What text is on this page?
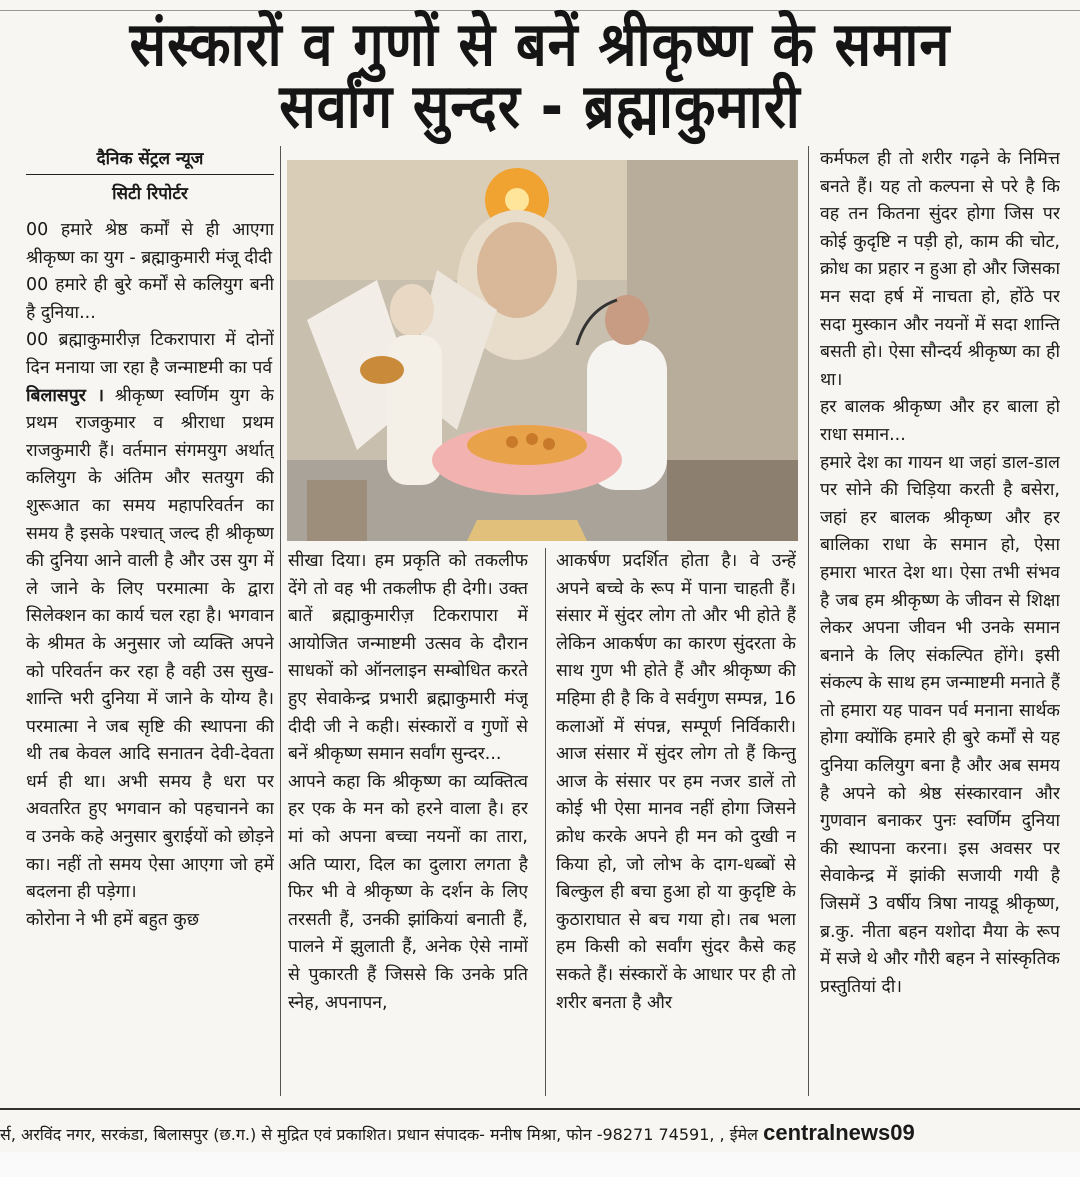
संस्कारों व गुणों से बनें श्रीकृष्ण के समान
सर्वांग सुन्दर - ब्रह्माकुमारी
दैनिक सेंट्रल न्यूज
सिटी रिपोर्टर

00 हमारे श्रेष्ठ कर्मों से ही आएगा श्रीकृष्ण का युग - ब्रह्माकुमारी मंजू दीदी

00 हमारे ही बुरे कर्मों से कलियुग बनी है दुनिया...

00 ब्रह्माकुमारीज़ टिकरापारा में दोनों दिन मनाया जा रहा है जन्माष्टमी का पर्व

बिलासपुर । श्रीकृष्ण स्वर्णिम युग के प्रथम राजकुमार व श्रीराधा प्रथम राजकुमारी हैं। वर्तमान संगमयुग अर्थात् कलियुग के अंतिम और सतयुग की शुरूआत का समय महापरिवर्तन का समय है इसके पश्चात् जल्द ही श्रीकृष्ण की दुनिया आने वाली है और उस युग में ले जाने के लिए परमात्मा के द्वारा सिलेक्शन का कार्य चल रहा है। भगवान के श्रीमत के अनुसार जो व्यक्ति अपने को परिवर्तन कर रहा है वही उस सुख-शान्ति भरी दुनिया में जाने के योग्य है। परमात्मा ने जब सृष्टि की स्थापना की थी तब केवल आदि सनातन देवी-देवता धर्म ही था। अभी समय है धरा पर अवतरित हुए भगवान को पहचानने का व उनके कहे अनुसार बुराईयों को छोड़ने का। नहीं तो समय ऐसा आएगा जो हमें बदलना ही पड़ेगा।

कोरोना ने भी हमें बहुत कुछ

सीखा दिया। हम प्रकृति को तकलीफ देंगे तो वह भी तकलीफ ही देगी। उक्त बातें ब्रह्माकुमारीज़ टिकरापारा में आयोजित जन्माष्टमी उत्सव के दौरान साधकों को ऑनलाइन सम्बोधित करते हुए सेवाकेन्द्र प्रभारी ब्रह्माकुमारी मंजू दीदी जी ने कही। संस्कारों व गुणों से बनें श्रीकृष्ण समान सर्वांग सुन्दर...

आपने कहा कि श्रीकृष्ण का व्यक्तित्व हर एक के मन को हरने वाला है। हर मां को अपना बच्चा नयनों का तारा, अति प्यारा, दिल का दुलारा लगता है फिर भी वे श्रीकृष्ण के दर्शन के लिए तरसती हैं, उनकी झांकियां बनाती हैं, पालने में झुलाती हैं, अनेक ऐसे नामों से पुकारती हैं जिससे कि उनके प्रति स्नेह, अपनापन,

आकर्षण प्रदर्शित होता है। वे उन्हें अपने बच्चे के रूप में पाना चाहती हैं। संसार में सुंदर लोग तो और भी होते हैं लेकिन आकर्षण का कारण सुंदरता के साथ गुण भी होते हैं और श्रीकृष्ण की महिमा ही है कि वे सर्वगुण सम्पन्न, 16 कलाओं में संपन्न, सम्पूर्ण निर्विकारी। आज संसार में सुंदर लोग तो हैं किन्तु आज के संसार पर हम नजर डालें तो कोई भी ऐसा मानव नहीं होगा जिसने क्रोध करके अपने ही मन को दुखी न किया हो, जो लोभ के दाग-धब्बों से बिल्कुल ही बचा हुआ हो या कुदृष्टि के कुठाराघात से बच गया हो। तब भला हम किसी को सर्वांग सुंदर कैसे कह सकते हैं। संस्कारों के आधार पर ही तो शरीर बनता है और

कर्मफल ही तो शरीर गढ़ने के निमित्त बनते हैं। यह तो कल्पना से परे है कि वह तन कितना सुंदर होगा जिस पर कोई कुदृष्टि न पड़ी हो, काम की चोट, क्रोध का प्रहार न हुआ हो और जिसका मन सदा हर्ष में नाचता हो, होंठे पर सदा मुस्कान और नयनों में सदा शान्ति बसती हो। ऐसा सौन्दर्य श्रीकृष्ण का ही था।

हर बालक श्रीकृष्ण और हर बाला हो राधा समान...

हमारे देश का गायन था जहां डाल-डाल पर सोने की चिड़िया करती है बसेरा, जहां हर बालक श्रीकृष्ण और हर बालिका राधा के समान हो, ऐसा हमारा भारत देश था। ऐसा तभी संभव है जब हम श्रीकृष्ण के जीवन से शिक्षा लेकर अपना जीवन भी उनके समान बनाने के लिए संकल्पित होंगे। इसी संकल्प के साथ हम जन्माष्टमी मनाते हैं तो हमारा यह पावन पर्व मनाना सार्थक होगा क्योंकि हमारे ही बुरे कर्मों से यह दुनिया कलियुग बना है और अब समय है अपने को श्रेष्ठ संस्कारवान और गुणवान बनाकर पुनः स्वर्णिम दुनिया की स्थापना करना। इस अवसर पर सेवाकेन्द्र में झांकी सजायी गयी है जिसमें 3 वर्षीय त्रिषा नायडू श्रीकृष्ण, ब्र.कु. नीता बहन यशोदा मैया के रूप में सजे थे और गौरी बहन ने सांस्कृतिक प्रस्तुतियां दी।

र्स, अरविंद नगर, सरकंडा, बिलासपुर (छ.ग.) से मुद्रित एवं प्रकाशित। प्रधान संपादक- मनीष मिश्रा, फोन -98271 74591, , ईमेल centralnews09
